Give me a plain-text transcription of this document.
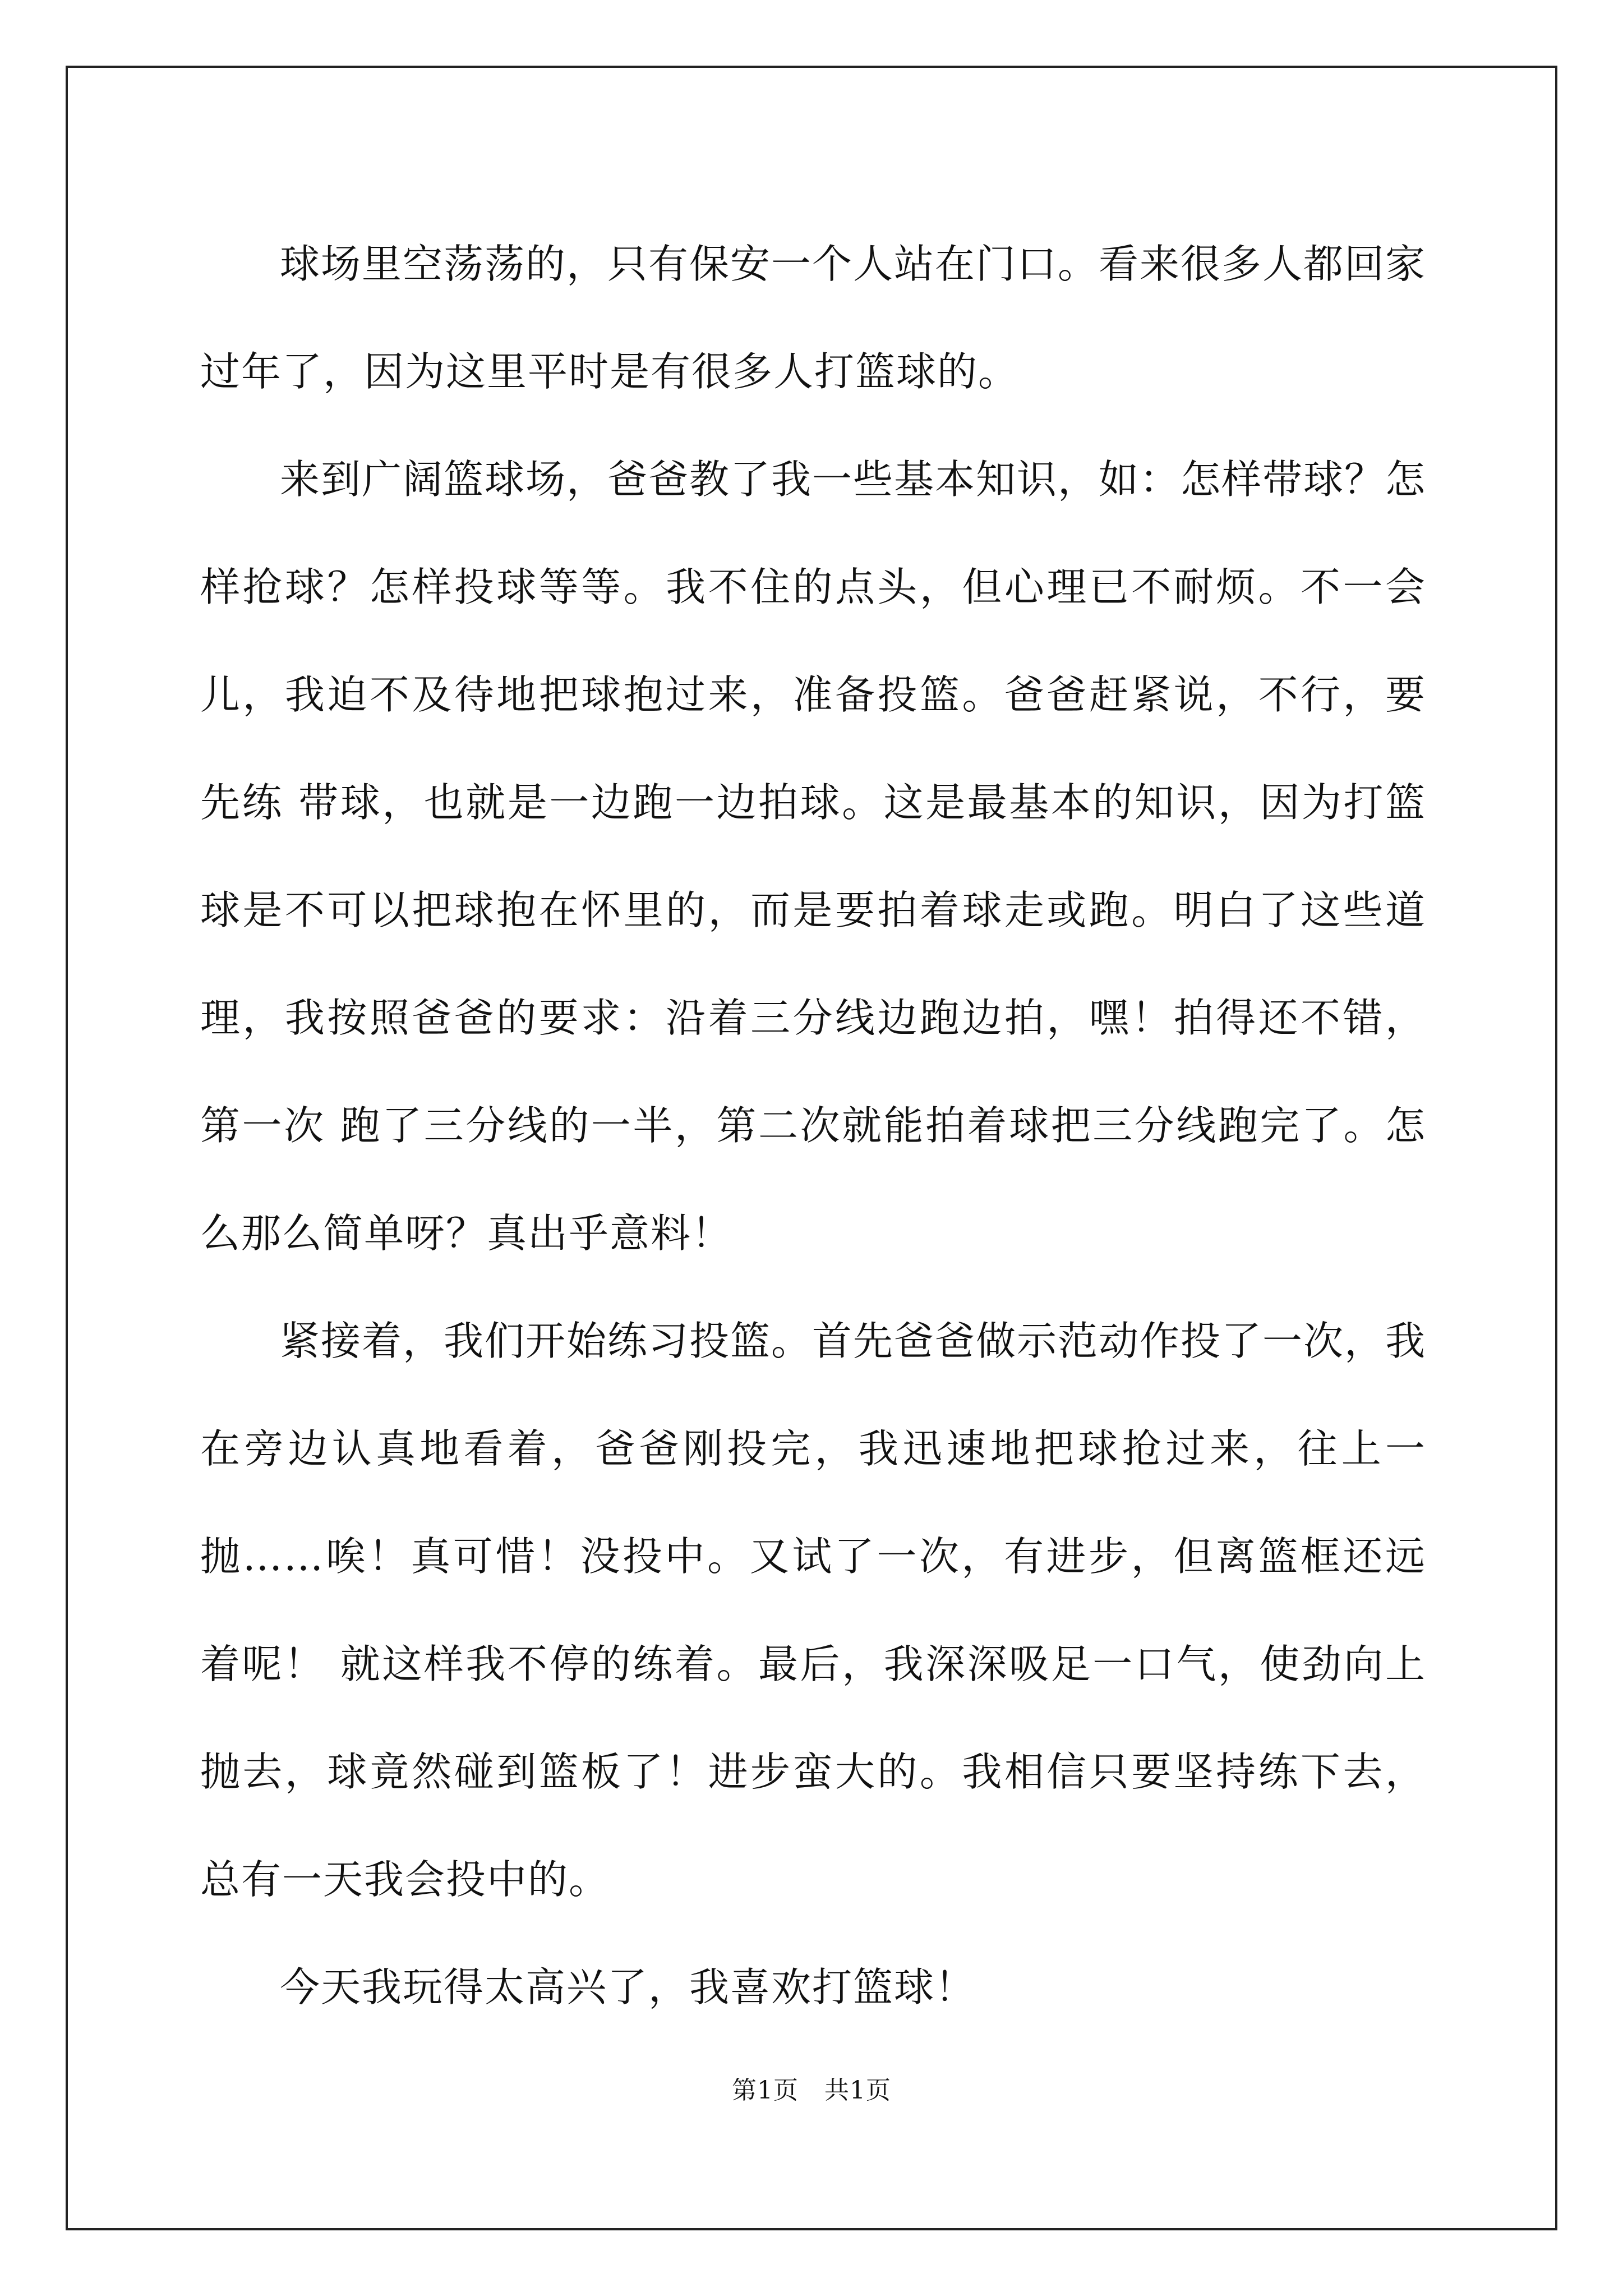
球场里空荡荡的，只有保安一个人站在门口。看来很多人都回家过年了，因为这里平时是有很多人打篮球的。

来到广阔篮球场，爸爸教了我一些基本知识，如：怎样带球？怎样抢球？怎样投球等等。我不住的点头，但心理已不耐烦。不一会儿，我迫不及待地把球抱过来，准备投篮。爸爸赶紧说，不行，要先练 带球，也就是一边跑一边拍球。这是最基本的知识，因为打篮球是不可以把球抱在怀里的，而是要拍着球走或跑。明白了这些道理，我按照爸爸的要求：沿着三分线边跑边拍，嘿！拍得还不错，第一次 跑了三分线的一半，第二次就能拍着球把三分线跑完了。怎么那么简单呀？真出乎意料！

紧接着，我们开始练习投篮。首先爸爸做示范动作投了一次，我在旁边认真地看着，爸爸刚投完，我迅速地把球抢过来，往上一抛……唉！真可惜！没投中。又试了一次，有进步，但离篮框还远着呢！ 就这样我不停的练着。最后，我深深吸足一口气，使劲向上抛去，球竟然碰到篮板了！进步蛮大的。我相信只要坚持练下去，总有一天我会投中的。

今天我玩得太高兴了，我喜欢打篮球！

第1页 共1页
